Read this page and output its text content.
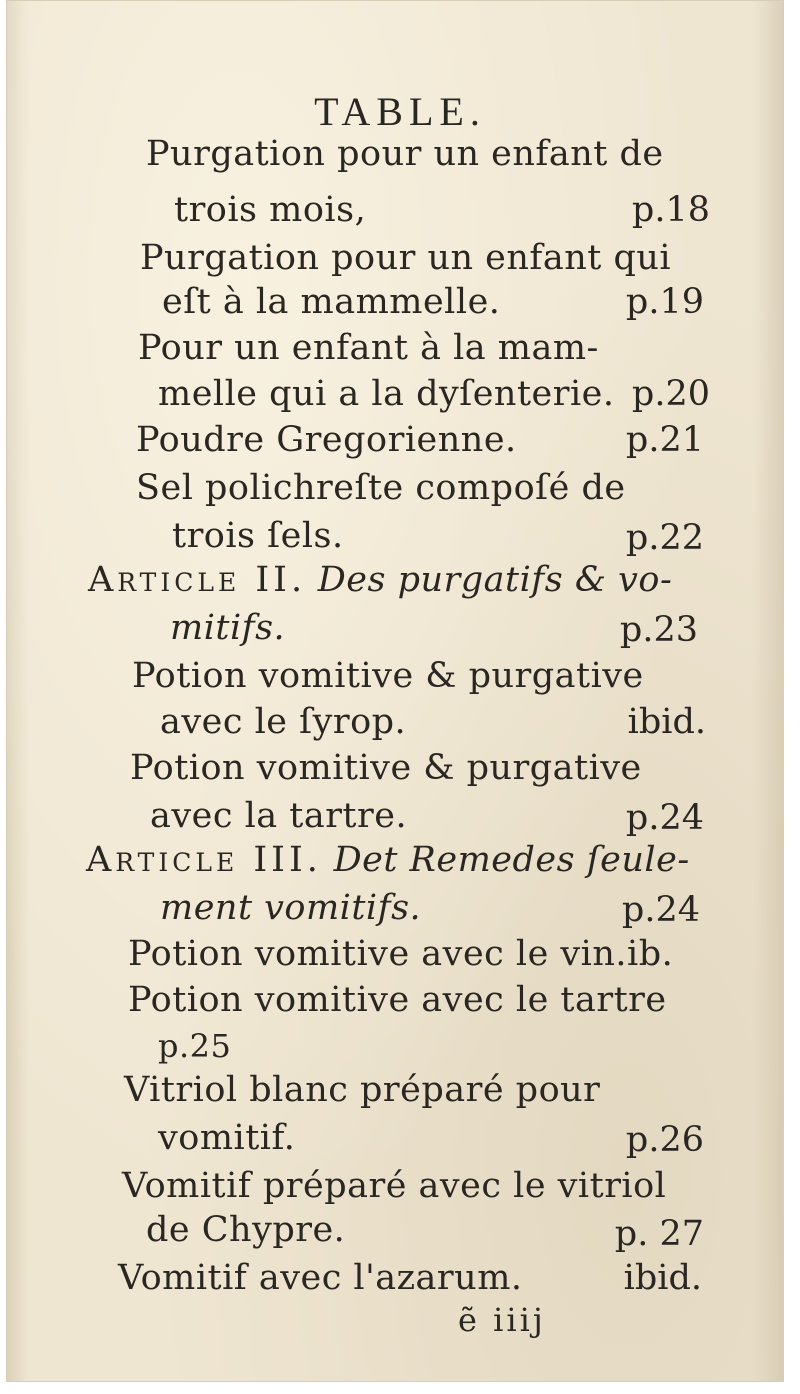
TABLE.
Purgation pour un enfant de
trois mois,	p.18
Purgation pour un enfant qui
eſt à la mammelle.	p.19
Pour un enfant à la mam-
melle qui a la dyſenterie. p.20
Poudre Gregorienne.	p.21
Sel polichreſte compoſé de
trois ſels.	p.22
Article II. Des purgatifs & vo-
mitifs.	p.23
Potion vomitive & purgative
avec le ſyrop.	ibid.
Potion vomitive & purgative
avec la tartre.	p.24
Article III. Det Remedes ſeule-
ment vomitifs.	p.24
Potion vomitive avec le vin.ib.
Potion vomitive avec le tartre
p.25
Vitriol blanc préparé pour
vomitif.	p.26
Vomitif préparé avec le vitriol
de Chypre.	p. 27
Vomitif avec l'azarum.	ibid.
ẽ iiij
